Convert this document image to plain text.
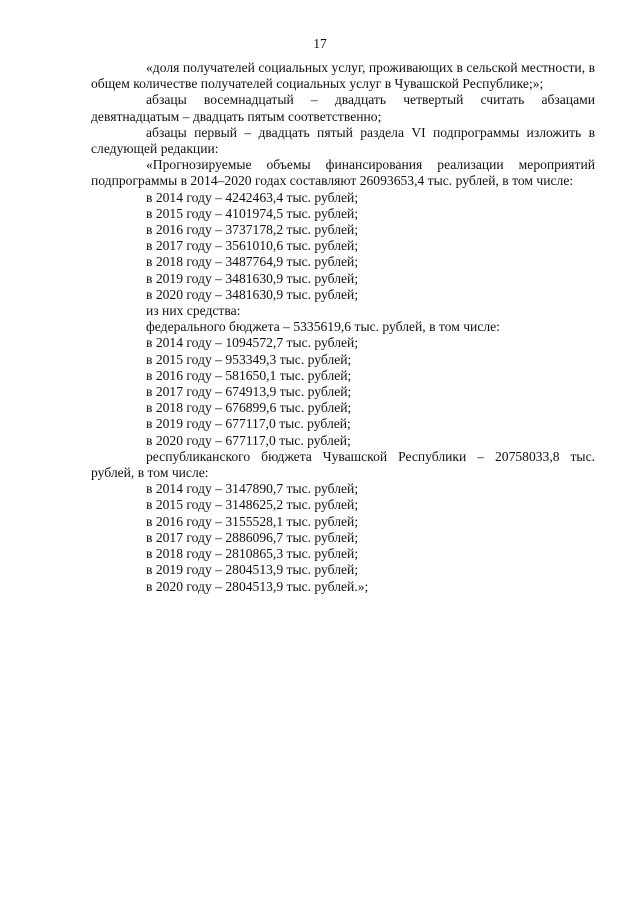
17

«доля получателей социальных услуг, проживающих в сельской местности, в общем количестве получателей социальных услуг в Чувашской Республике;»;

абзацы восемнадцатый – двадцать четвертый считать абзацами девятнадцатым – двадцать пятым соответственно;

абзацы первый – двадцать пятый раздела VI подпрограммы изложить в следующей редакции:

«Прогнозируемые объемы финансирования реализации мероприятий подпрограммы в 2014–2020 годах составляют 26093653,4 тыс. рублей, в том числе:

в 2014 году – 4242463,4 тыс. рублей;

в 2015 году – 4101974,5 тыс. рублей;

в 2016 году – 3737178,2 тыс. рублей;

в 2017 году – 3561010,6 тыс. рублей;

в 2018 году – 3487764,9 тыс. рублей;

в 2019 году – 3481630,9 тыс. рублей;

в 2020 году – 3481630,9 тыс. рублей;

из них средства:

федерального бюджета – 5335619,6 тыс. рублей, в том числе:

в 2014 году – 1094572,7 тыс. рублей;

в 2015 году – 953349,3 тыс. рублей;

в 2016 году – 581650,1 тыс. рублей;

в 2017 году – 674913,9 тыс. рублей;

в 2018 году – 676899,6 тыс. рублей;

в 2019 году – 677117,0 тыс. рублей;

в 2020 году – 677117,0 тыс. рублей;

республиканского бюджета Чувашской Республики – 20758033,8 тыс. рублей, в том числе:

в 2014 году – 3147890,7 тыс. рублей;

в 2015 году – 3148625,2 тыс. рублей;

в 2016 году – 3155528,1 тыс. рублей;

в 2017 году – 2886096,7 тыс. рублей;

в 2018 году – 2810865,3 тыс. рублей;

в 2019 году – 2804513,9 тыс. рублей;

в 2020 году – 2804513,9 тыс. рублей.»;
